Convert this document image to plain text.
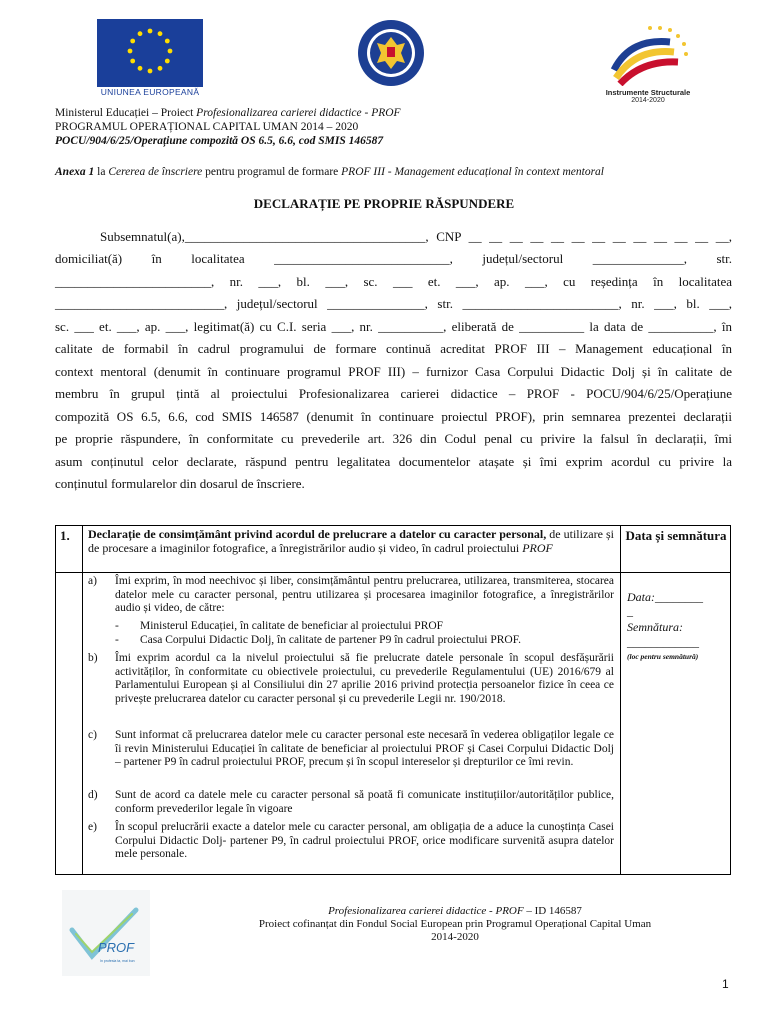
UNIUNEA EUROPEANĂ	Instrumente Structurale
2014-2020
Ministerul Educației – Proiect Profesionalizarea carierei didactice - PROF
PROGRAMUL OPERAȚIONAL CAPITAL UMAN 2014 – 2020
POCU/904/6/25/Operațiune compozită OS 6.5, 6.6, cod SMIS 146587
Anexa 1 la Cererea de înscriere pentru programul de formare PROF III - Management educațional în context mentoral
DECLARAȚIE PE PROPRIE RĂSPUNDERE
Subsemnatul(a),_____________________________________, CNP __ __ __ __ __ __ __ __ __ __ __ __ __,
domiciliat(ă) în localitatea ___________________________, județul/sectorul ______________, str.
________________________, nr. ___, bl. ___, sc. ___ et. ___, ap. ___, cu reședința în localitatea
__________________________, județul/sectorul _______________, str. ________________________, nr. ___, bl. ___,
sc. ___ et. ___, ap. ___, legitimat(ă) cu C.I. seria ___, nr. __________, eliberată de __________ la data de __________, în
calitate de formabil în cadrul programului de formare continuă acreditat PROF III – Management educațional în
context mentoral (denumit în continuare programul PROF III) – furnizor Casa Corpului Didactic Dolj și în calitate de
membru în grupul țintă al proiectului Profesionalizarea carierei didactice – PROF - POCU/904/6/25/Operațiune
compozită OS 6.5, 6.6, cod SMIS 146587 (denumit în continuare proiectul PROF), prin semnarea prezentei declarații
pe proprie răspundere, în conformitate cu prevederile art. 326 din Codul penal cu privire la falsul în declarații, îmi
asum conținutul celor declarate, răspund pentru legalitatea documentelor atașate și îmi exprim acordul cu privire la
conținutul formularelor din dosarul de înscriere.
1. Declarație de consimțământ privind acordul de prelucrare a datelor cu caracter personal, de utilizare și de procesare a imaginilor fotografice, a înregistrărilor audio și video, în cadrul proiectului PROF
Data și semnătura
a) Îmi exprim, în mod neechivoc și liber, consimțământul pentru prelucrarea, utilizarea, transmiterea, stocarea datelor mele cu caracter personal, pentru utilizarea și procesarea imaginilor fotografice, a înregistrărilor audio și video, de către:
- Ministerul Educației, în calitate de beneficiar al proiectului PROF
- Casa Corpului Didactic Dolj, în calitate de partener P9 în cadrul proiectului PROF.
b) Îmi exprim acordul ca la nivelul proiectului să fie prelucrate datele personale în scopul desfășurării activităților, în conformitate cu obiectivele proiectului, cu prevederile Regulamentului (UE) 2016/679 al Parlamentului European și al Consiliului din 27 aprilie 2016 privind protecția persoanelor fizice în ceea ce privește prelucrarea datelor cu caracter personal și cu prevederile Legii nr. 190/2018.
c) Sunt informat că prelucrarea datelor mele cu caracter personal este necesară în vederea obligaților legale ce îi revin Ministerului Educației în calitate de beneficiar al proiectului PROF și Casei Corpului Didactic Dolj – partener P9 în cadrul proiectului PROF, precum și în scopul intereselor și drepturilor ce îmi revin.
d) Sunt de acord ca datele mele cu caracter personal să poată fi comunicate instituțiilor/autorităților publice, conform prevederilor legale în vigoare
e) În scopul prelucrării exacte a datelor mele cu caracter personal, am obligația de a aduce la cunoștința Casei Corpului Didactic Dolj- partener P9, în cadrul proiectului PROF, orice modificare survenită asupra datelor mele personale.
Data:________
_
Semnătura:
____________
(loc pentru semnătură)
PROF
în profesia ta, mai bun
Profesionalizarea carierei didactice - PROF – ID 146587
Proiect cofinanțat din Fondul Social European prin Programul Operațional Capital Uman
2014-2020
1
